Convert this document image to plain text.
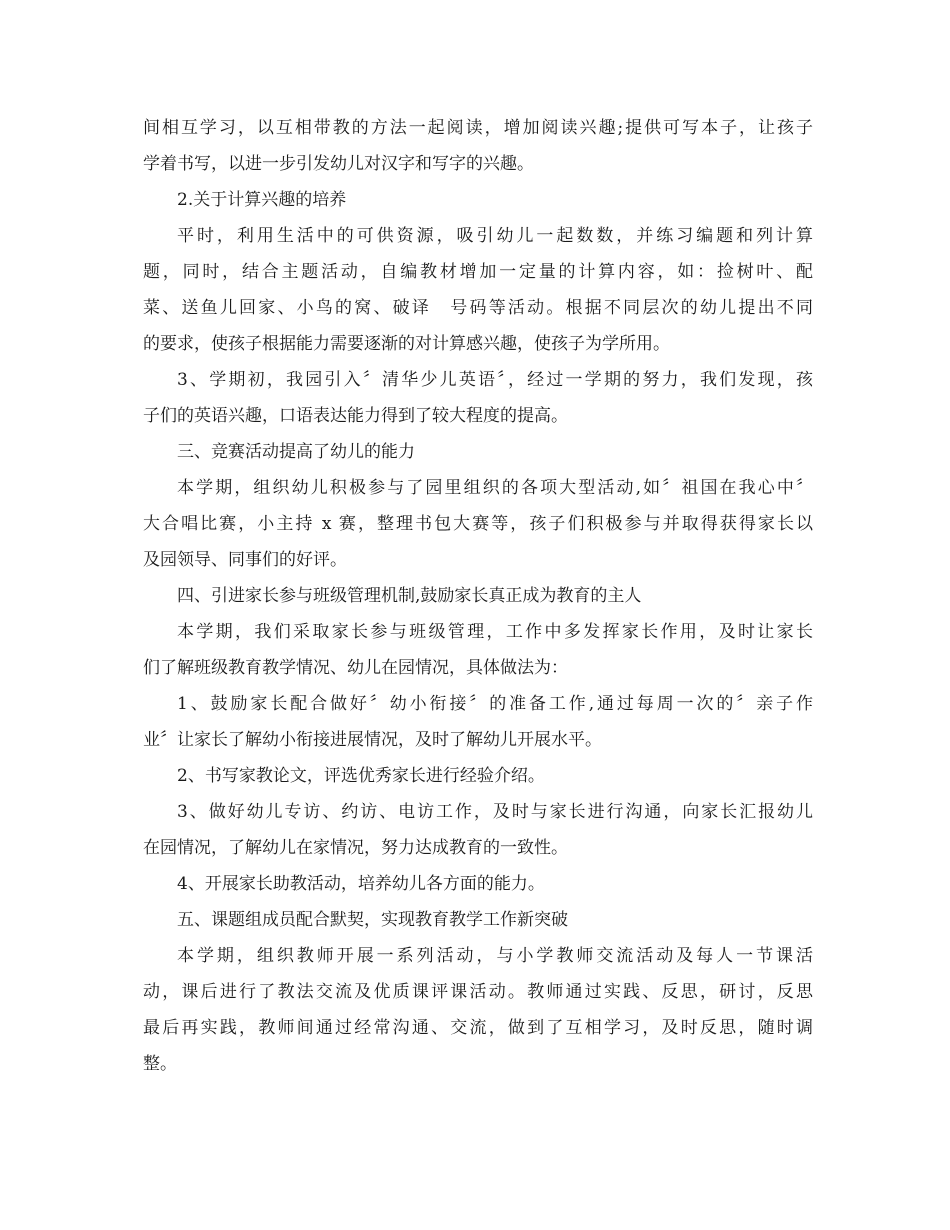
间相互学习，以互相带教的方法一起阅读，增加阅读兴趣;提供可写本子，让孩子
学着书写，以进一步引发幼儿对汉字和写字的兴趣。
2.关于计算兴趣的培养
平时，利用生活中的可供资源，吸引幼儿一起数数，并练习编题和列计算
题，同时，结合主题活动，自编教材增加一定量的计算内容，如：捡树叶、配
菜、送鱼儿回家、小鸟的窝、破译　号码等活动。根据不同层次的幼儿提出不同
的要求，使孩子根据能力需要逐渐的对计算感兴趣，使孩子为学所用。
3、学期初，我园引入〞清华少儿英语〞，经过一学期的努力，我们发现，孩
子们的英语兴趣，口语表达能力得到了较大程度的提高。
三、竞赛活动提高了幼儿的能力
本学期，组织幼儿积极参与了园里组织的各项大型活动,如〞祖国在我心中〞
大合唱比赛，小主持 x 赛，整理书包大赛等，孩子们积极参与并取得获得家长以
及园领导、同事们的好评。
四、引进家长参与班级管理机制,鼓励家长真正成为教育的主人
本学期，我们采取家长参与班级管理，工作中多发挥家长作用，及时让家长
们了解班级教育教学情况、幼儿在园情况，具体做法为：
1、鼓励家长配合做好〞幼小衔接〞的准备工作,通过每周一次的〞亲子作
业〞让家长了解幼小衔接进展情况，及时了解幼儿开展水平。
2、书写家教论文，评选优秀家长进行经验介绍。
3、做好幼儿专访、约访、电访工作，及时与家长进行沟通，向家长汇报幼儿
在园情况，了解幼儿在家情况，努力达成教育的一致性。
4、开展家长助教活动，培养幼儿各方面的能力。
五、课题组成员配合默契，实现教育教学工作新突破
本学期，组织教师开展一系列活动，与小学教师交流活动及每人一节课活
动，课后进行了教法交流及优质课评课活动。教师通过实践、反思，研讨，反思
最后再实践，教师间通过经常沟通、交流，做到了互相学习，及时反思，随时调
整。
